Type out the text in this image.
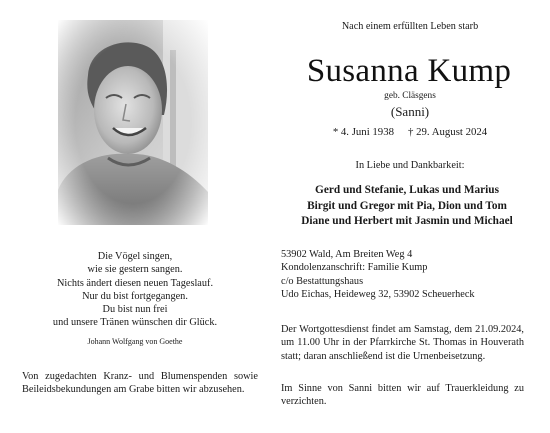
Die Vögel singen,
wie sie gestern sangen.
Nichts ändert diesen neuen Tageslauf.
Nur du bist fortgegangen.
Du bist nun frei
und unsere Tränen wünschen dir Glück.
Johann Wolfgang von Goethe
Von zugedachten Kranz- und Blumenspenden sowie Beileidsbekundungen am Grabe bitten wir abzusehen.
Nach einem erfüllten Leben starb
Susanna Kump
geb. Cläsgens
(Sanni)
* 4. Juni 1938 † 29. August 2024
In Liebe und Dankbarkeit:
Gerd und Stefanie, Lukas und Marius
Birgit und Gregor mit Pia, Dion und Tom
Diane und Herbert mit Jasmin und Michael
53902 Wald, Am Breiten Weg 4
Kondolenzanschrift: Familie Kump
c/o Bestattungshaus
Udo Eichas, Heideweg 32, 53902 Scheuerheck
Der Wortgottesdienst findet am Samstag, dem 21.09.2024, um 11.00 Uhr in der Pfarrkirche St. Thomas in Houverath statt; daran anschließend ist die Urnenbeisetzung.
Im Sinne von Sanni bitten wir auf Trauerkleidung zu verzichten.
